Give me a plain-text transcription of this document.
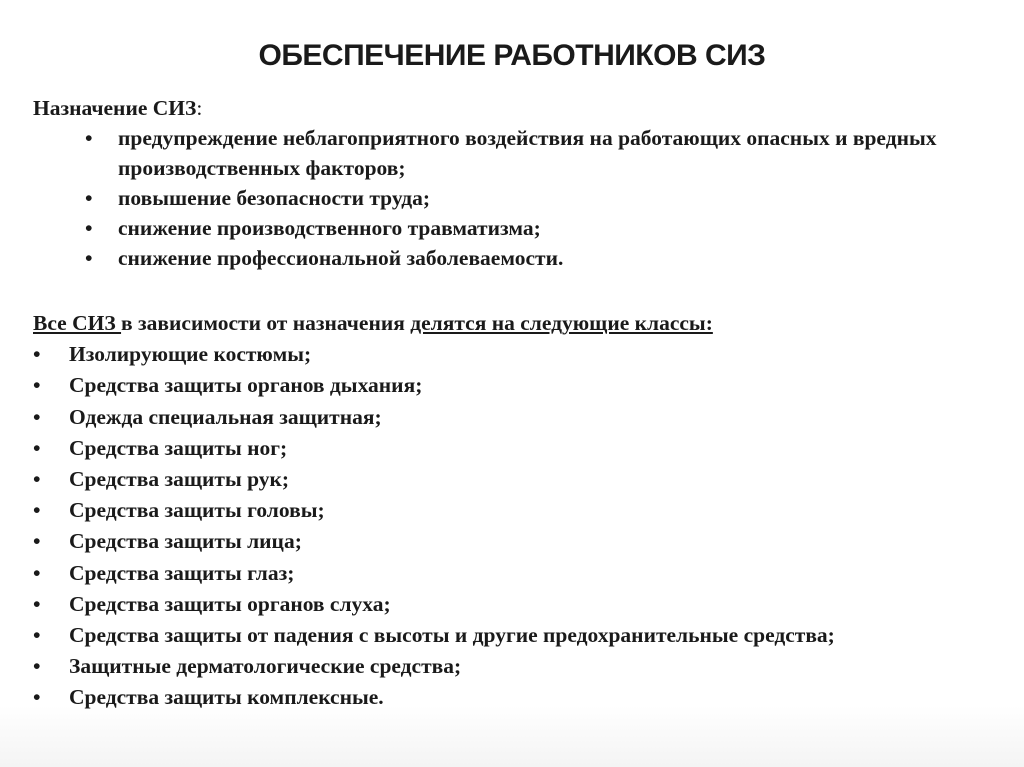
ОБЕСПЕЧЕНИЕ РАБОТНИКОВ СИЗ
Назначение СИЗ:
• предупреждение неблагоприятного воздействия на работающих опасных и вредных производственных факторов;
• повышение безопасности труда;
• снижение производственного травматизма;
• снижение профессиональной заболеваемости.
Все СИЗ в зависимости от назначения делятся на следующие классы:
• Изолирующие костюмы;
• Средства защиты органов дыхания;
• Одежда специальная защитная;
• Средства защиты ног;
• Средства защиты рук;
• Средства защиты головы;
• Средства защиты лица;
• Средства защиты глаз;
• Средства защиты органов слуха;
• Средства защиты от падения с высоты и другие предохранительные средства;
• Защитные дерматологические средства;
• Средства защиты комплексные.
